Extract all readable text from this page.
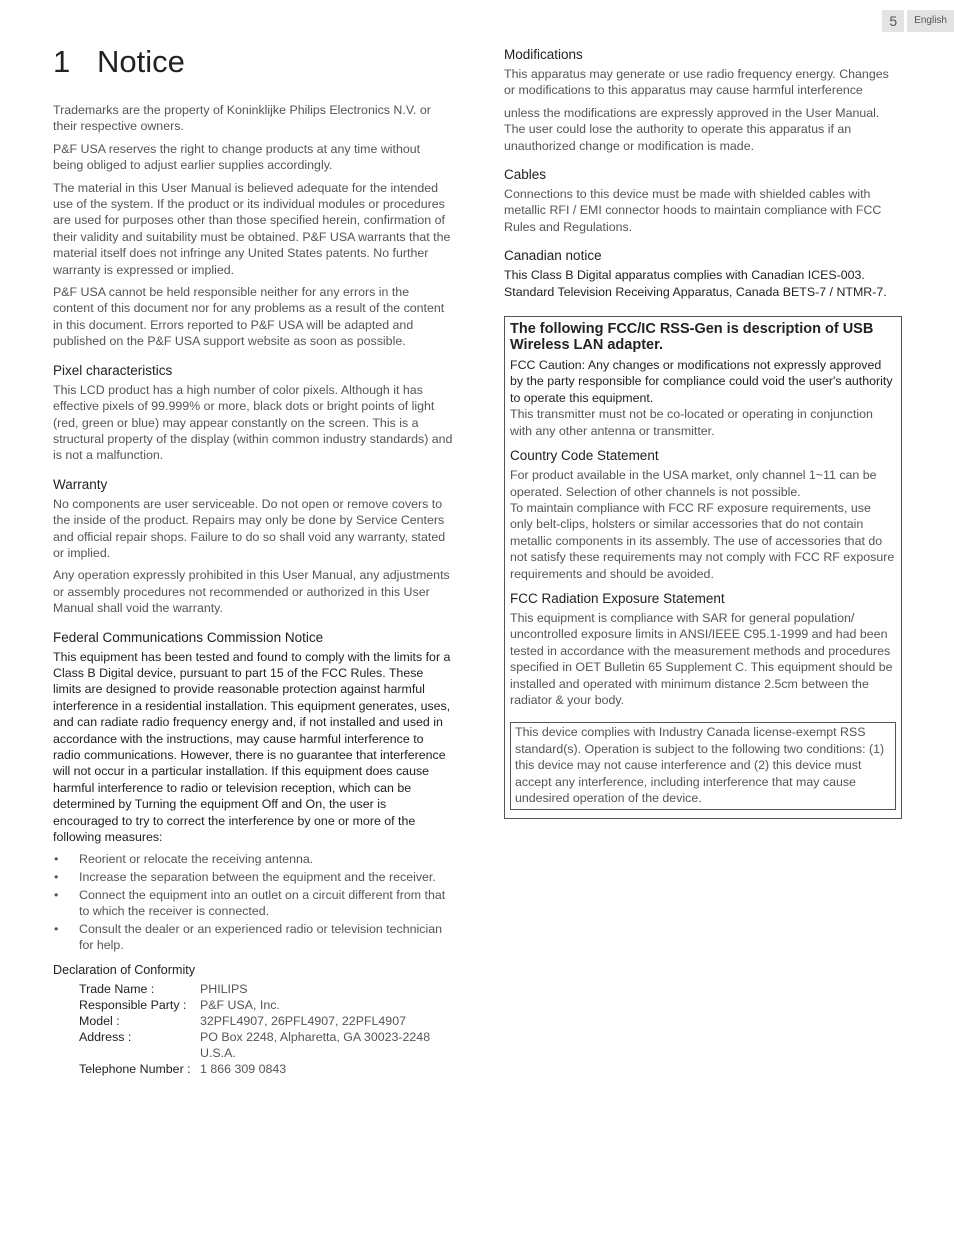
5	English
1 Notice

Trademarks are the property of Koninklijke Philips Electronics N.V. or their respective owners.

P&F USA reserves the right to change products at any time without being obliged to adjust earlier supplies accordingly.

The material in this User Manual is believed adequate for the intended use of the system. If the product or its individual modules or procedures are used for purposes other than those specified herein, confirmation of their validity and suitability must be obtained. P&F USA warrants that the material itself does not infringe any United States patents. No further warranty is expressed or implied.

P&F USA cannot be held responsible neither for any errors in the content of this document nor for any problems as a result of the content in this document. Errors reported to P&F USA will be adapted and published on the P&F USA support website as soon as possible.

Pixel characteristics

This LCD product has a high number of color pixels. Although it has effective pixels of 99.999% or more, black dots or bright points of light (red, green or blue) may appear constantly on the screen. This is a structural property of the display (within common industry standards) and is not a malfunction.

Warranty

No components are user serviceable. Do not open or remove covers to the inside of the product. Repairs may only be done by Service Centers and official repair shops. Failure to do so shall void any warranty, stated or implied.

Any operation expressly prohibited in this User Manual, any adjustments or assembly procedures not recommended or authorized in this User Manual shall void the warranty.

Federal Communications Commission Notice

This equipment has been tested and found to comply with the limits for a Class B Digital device, pursuant to part 15 of the FCC Rules. These limits are designed to provide reasonable protection against harmful interference in a residential installation. This equipment generates, uses, and can radiate radio frequency energy and, if not installed and used in accordance with the instructions, may cause harmful interference to radio communications. However, there is no guarantee that interference will not occur in a particular installation. If this equipment does cause harmful interference to radio or television reception, which can be determined by Turning the equipment Off and On, the user is encouraged to try to correct the interference by one or more of the following measures:

• Reorient or relocate the receiving antenna.
• Increase the separation between the equipment and the receiver.
• Connect the equipment into an outlet on a circuit different from that to which the receiver is connected.
• Consult the dealer or an experienced radio or television technician for help.
Declaration of Conformity
Trade Name :	PHILIPS
Responsible Party :	P&F USA, Inc.
Model :	32PFL4907, 26PFL4907, 22PFL4907
Address :	PO Box 2248, Alpharetta, GA 30023-2248 U.S.A.
Telephone Number :	1 866 309 0843
Modifications

This apparatus may generate or use radio frequency energy. Changes or modifications to this apparatus may cause harmful interference

unless the modifications are expressly approved in the User Manual. The user could lose the authority to operate this apparatus if an unauthorized change or modification is made.

Cables

Connections to this device must be made with shielded cables with metallic RFI / EMI connector hoods to maintain compliance with FCC Rules and Regulations.

Canadian notice

This Class B Digital apparatus complies with Canadian ICES-003. Standard Television Receiving Apparatus, Canada BETS-7 / NTMR-7.

The following FCC/IC RSS-Gen is description of USB Wireless LAN adapter.

FCC Caution: Any changes or modifications not expressly approved by the party responsible for compliance could void the user's authority to operate this equipment.

This transmitter must not be co-located or operating in conjunction with any other antenna or transmitter.

Country Code Statement

For product available in the USA market, only channel 1~11 can be operated. Selection of other channels is not possible.

To maintain compliance with FCC RF exposure requirements, use only belt-clips, holsters or similar accessories that do not contain metallic components in its assembly. The use of accessories that do not satisfy these requirements may not comply with FCC RF exposure requirements and should be avoided.

FCC Radiation Exposure Statement

This equipment is compliance with SAR for general population/ uncontrolled exposure limits in ANSI/IEEE C95.1-1999 and had been tested in accordance with the measurement methods and procedures specified in OET Bulletin 65 Supplement C. This equipment should be installed and operated with minimum distance 2.5cm between the radiator & your body.

This device complies with Industry Canada license-exempt RSS standard(s). Operation is subject to the following two conditions: (1) this device may not cause interference and (2) this device must accept any interference, including interference that may cause undesired operation of the device.
